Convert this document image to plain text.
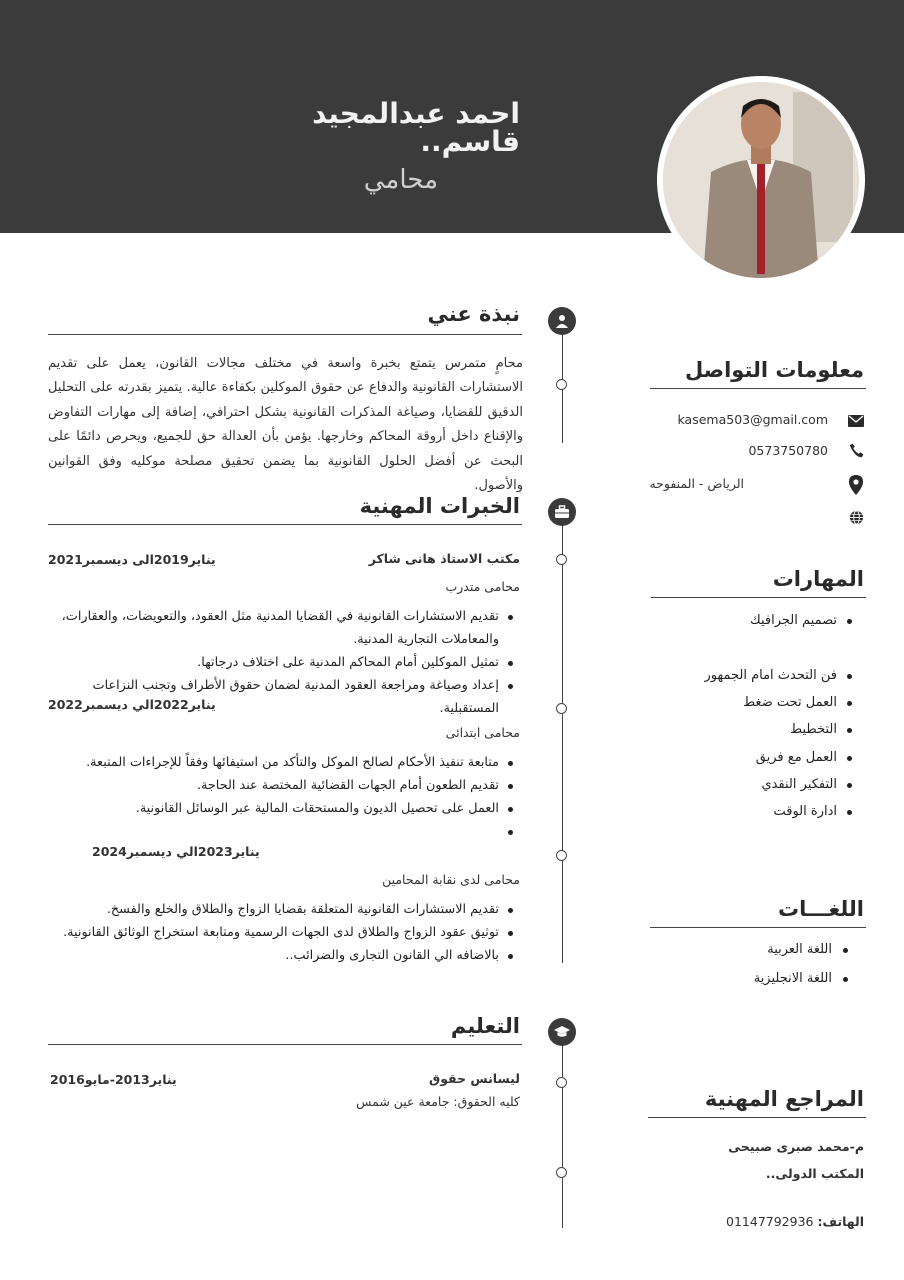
احمد عبدالمجيد
قاسم..
محامي
نبذة عني
محامٍ متمرس يتمتع بخبرة واسعة في مختلف مجالات القانون، يعمل على تقديم الاستشارات القانونية والدفاع عن حقوق الموكلين بكفاءة عالية. يتميز بقدرته على التحليل الدقيق للقضايا، وصياغة المذكرات القانونية بشكل احترافي، إضافة إلى مهارات التفاوض والإقناع داخل أروقة المحاكم وخارجها. يؤمن بأن العدالة حق للجميع، ويحرص دائمًا على البحث عن أفضل الحلول القانونية بما يضمن تحقيق مصلحة موكليه وفق القوانين والأصول.
الخبرات المهنية
مكتب الاستاذ هانى شاكر
يناير2019الى ديسمبر2021
محامى متدرب
تقديم الاستشارات القانونية في القضايا المدنية مثل العقود، والتعويضات، والعقارات، والمعاملات التجارية المدنية.
تمثيل الموكلين أمام المحاكم المدنية على اختلاف درجاتها.
إعداد وصياغة ومراجعة العقود المدنية لضمان حقوق الأطراف وتجنب النزاعات المستقبلية.
يناير2022الي ديسمبر2022
محامى ابتدائى
متابعة تنفيذ الأحكام لصالح الموكل والتأكد من استيفائها وفقاً للإجراءات المتبعة.
تقديم الطعون أمام الجهات القضائية المختصة عند الحاجة.
العمل على تحصيل الديون والمستحقات المالية عبر الوسائل القانونية.
يناير2023الي ديسمبر2024
محامى لدى نقابة المحامين
تقديم الاستشارات القانونية المتعلقة بقضايا الزواج والطلاق والخلع والفسخ.
توثيق عقود الزواج والطلاق لدى الجهات الرسمية ومتابعة استخراج الوثائق القانونية.
بالاضافه الي القانون التجارى والضرائب..
التعليم
ليسانس حقوق
يناير2013-مايو2016
كليه الحقوق: جامعة عين شمس
معلومات التواصل
kasema503@gmail.com
0573750780
الرياض - المنفوحه
المهارات
تصميم الجرافيك
فن التحدث امام الجمهور
العمل تحت ضغط
التخطيط
العمل مع فريق
التفكير النقدي
ادارة الوقت
اللغـــات
اللغة العربية
اللغة الانجليزية
المراجع المهنية
م-محمد صبرى صبيحى
المكتب الدولى..
الهاتف: 01147792936
